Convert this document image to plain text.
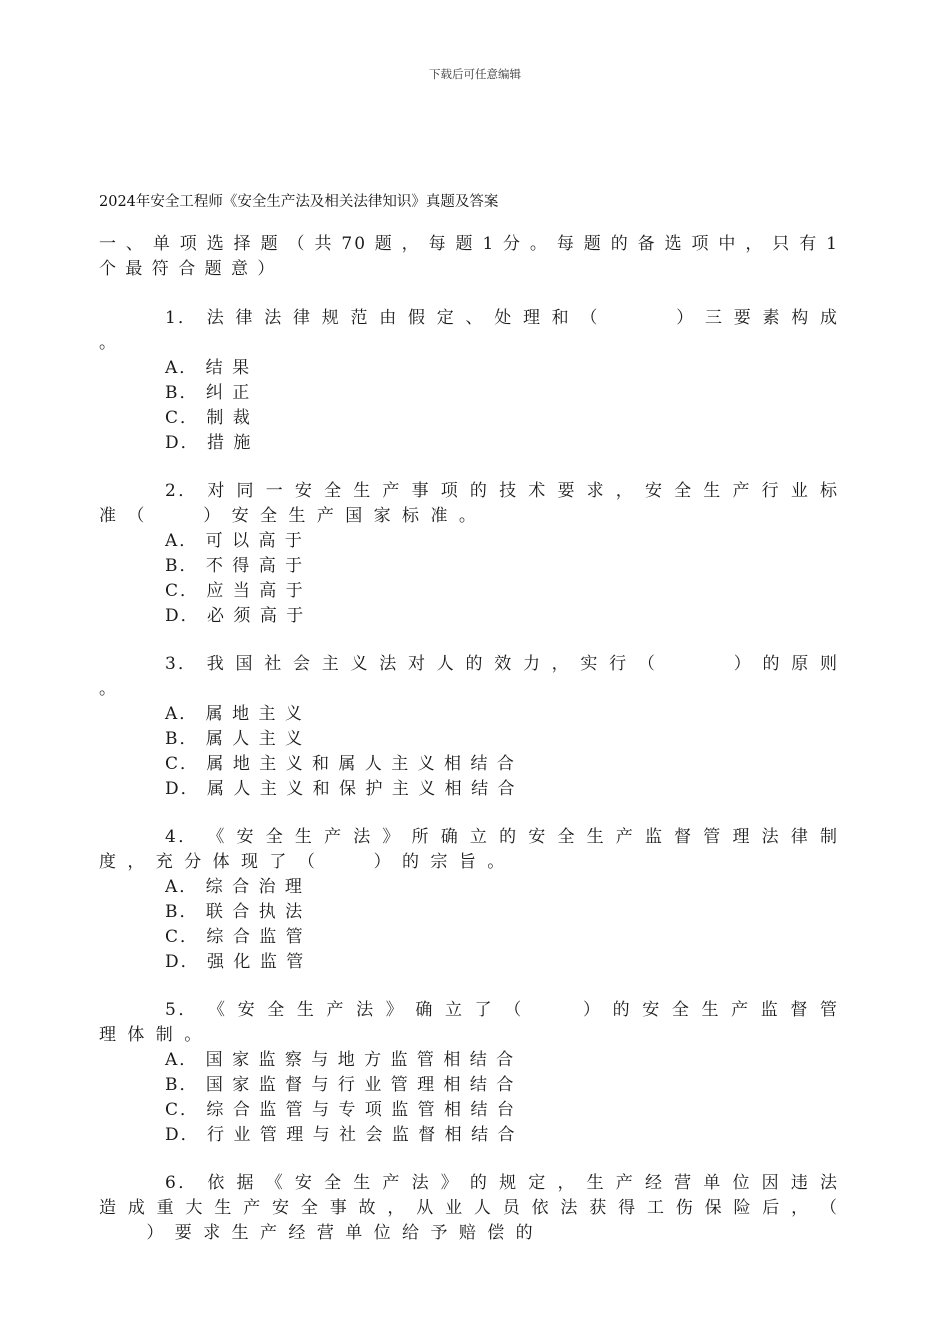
下载后可任意编辑
2024年安全工程师《安全生产法及相关法律知识》真题及答案
一 、 单 项 选 择 题 （ 共 70 题 ， 每 题 1 分 。 每 题 的 备 选 项 中 ， 只 有 1 个 最 符 合 题 意 ）
1． 法 律 法 律 规 范 由 假 定 、 处 理 和 （ 　　　 ） 三 要 素 构 成 。
A． 结 果
B． 纠 正
C． 制 裁
D． 措 施
2． 对 同 一 安 全 生 产 事 项 的 技 术 要 求 ， 安 全 生 产 行 业 标 准 （ 　　 ） 安 全 生 产 国 家 标 准 。
A． 可 以 高 于
B． 不 得 高 于
C． 应 当 高 于
D． 必 须 高 于
3． 我 国 社 会 主 义 法 对 人 的 效 力 ， 实 行 （ 　　　 ） 的 原 则 。
A． 属 地 主 义
B． 属 人 主 义
C． 属 地 主 义 和 属 人 主 义 相 结 合
D． 属 人 主 义 和 保 护 主 义 相 结 合
4． 《 安 全 生 产 法 》 所 确 立 的 安 全 生 产 监 督 管 理 法 律 制 度 ， 充 分 体 现 了 （ 　　 ） 的 宗 旨 。
A． 综 合 治 理
B． 联 合 执 法
C． 综 合 监 管
D． 强 化 监 管
5． 《 安 全 生 产 法 》 确 立 了 （ 　　 ） 的 安 全 生 产 监 督 管 理 体 制 。
A． 国 家 监 察 与 地 方 监 管 相 结 合
B． 国 家 监 督 与 行 业 管 理 相 结 合
C． 综 合 监 管 与 专 项 监 管 相 结 台
D． 行 业 管 理 与 社 会 监 督 相 结 合
6． 依 据 《 安 全 生 产 法 》 的 规 定 ， 生 产 经 营 单 位 因 违 法 造 成 重 大 生 产 安 全 事 故 ， 从 业 人 员 依 法 获 得 工 伤 保 险 后 ， （ 　　 ） 要 求 生 产 经 营 单 位 给 予 赔 偿 的
